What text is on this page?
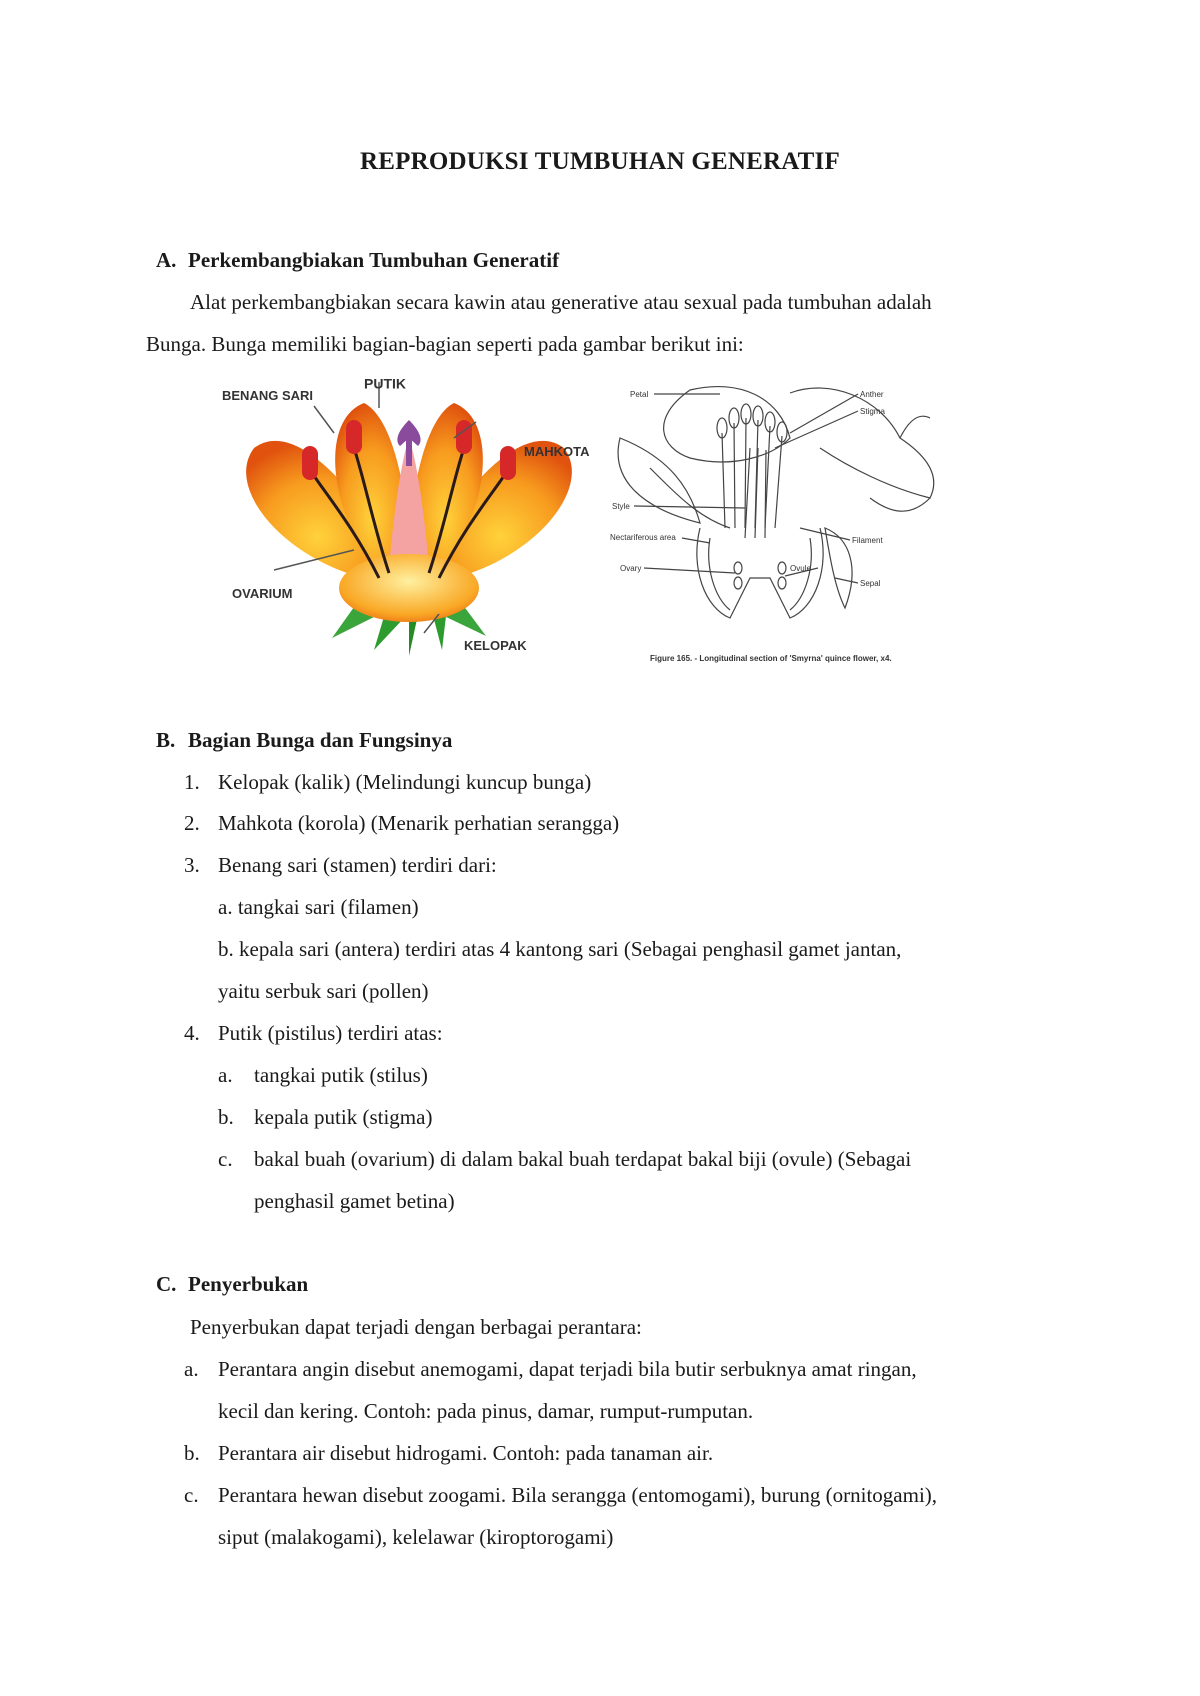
REPRODUKSI TUMBUHAN GENERATIF
A. Perkembangbiakan Tumbuhan Generatif
Alat perkembangbiakan secara kawin atau generative atau sexual pada tumbuhan adalah
Bunga. Bunga memiliki bagian-bagian seperti pada gambar berikut ini:
PUTIK
BENANG SARI
MAHKOTA
OVARIUM
KELOPAK
Petal	Anther
Stigma
Style
Nectariferous area	Filament
Ovary	Ovule
Sepal
Figure 165. - Longitudinal section of 'Smyrna' quince flower, x4.
B. Bagian Bunga dan Fungsinya
1. Kelopak (kalik) (Melindungi kuncup bunga)
2. Mahkota (korola) (Menarik perhatian serangga)
3. Benang sari (stamen) terdiri dari:
a. tangkai sari (filamen)
b. kepala sari (antera) terdiri atas 4 kantong sari (Sebagai penghasil gamet jantan,
yaitu serbuk sari (pollen)
4. Putik (pistilus) terdiri atas:
a. tangkai putik (stilus)
b. kepala putik (stigma)
c. bakal buah (ovarium) di dalam bakal buah terdapat bakal biji (ovule) (Sebagai
penghasil gamet betina)
C. Penyerbukan
Penyerbukan dapat terjadi dengan berbagai perantara:
a. Perantara angin disebut anemogami, dapat terjadi bila butir serbuknya amat ringan,
kecil dan kering. Contoh: pada pinus, damar, rumput-rumputan.
b. Perantara air disebut hidrogami. Contoh: pada tanaman air.
c. Perantara hewan disebut zoogami. Bila serangga (entomogami), burung (ornitogami),
siput (malakogami), kelelawar (kiroptorogami)
